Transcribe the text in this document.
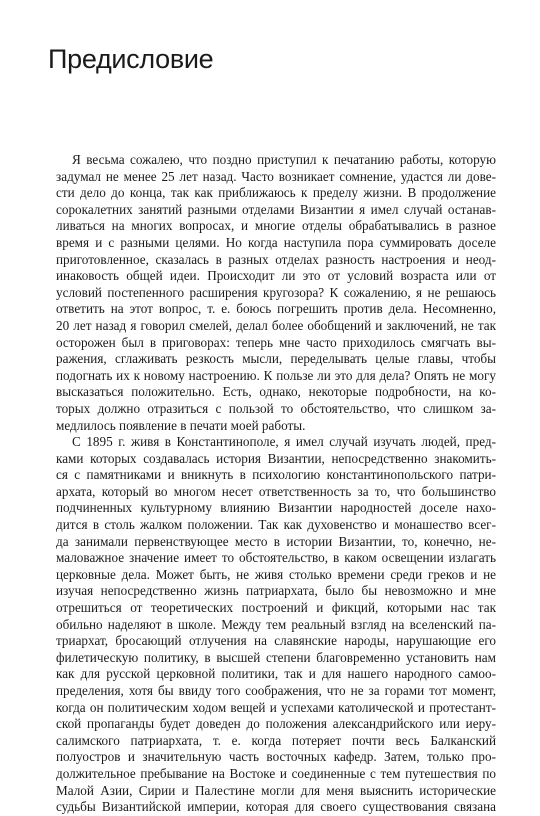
Предисловие
Я весьма сожалею, что поздно приступил к печатанию работы, которую
задумал не менее 25 лет назад. Часто возникает сомнение, удастся ли дове-
сти дело до конца, так как приближаюсь к пределу жизни. В продолжение
сорокалетних занятий разными отделами Византии я имел случай останав-
ливаться на многих вопросах, и многие отделы обрабатывались в разное
время и с разными целями. Но когда наступила пора суммировать доселе
приготовленное, сказалась в разных отделах разность настроения и неод-
инаковость общей идеи. Происходит ли это от условий возраста или от
условий постепенного расширения кругозора? К сожалению, я не решаюсь
ответить на этот вопрос, т. е. боюсь погрешить против дела. Несомненно,
20 лет назад я говорил смелей, делал более обобщений и заключений, не так
осторожен был в приговорах: теперь мне часто приходилось смягчать вы-
ражения, сглаживать резкость мысли, переделывать целые главы, чтобы
подогнать их к новому настроению. К пользе ли это для дела? Опять не могу
высказаться положительно. Есть, однако, некоторые подробности, на ко-
торых должно отразиться с пользой то обстоятельство, что слишком за-
медлилось появление в печати моей работы.
С 1895 г. живя в Константинополе, я имел случай изучать людей, пред-
ками которых создавалась история Византии, непосредственно знакомить-
ся с памятниками и вникнуть в психологию константинопольского патри-
архата, который во многом несет ответственность за то, что большинство
подчиненных культурному влиянию Византии народностей доселе нахо-
дится в столь жалком положении. Так как духовенство и монашество всег-
да занимали первенствующее место в истории Византии, то, конечно, не-
маловажное значение имеет то обстоятельство, в каком освещении излагать
церковные дела. Может быть, не живя столько времени среди греков и не
изучая непосредственно жизнь патриархата, было бы невозможно и мне
отрешиться от теоретических построений и фикций, которыми нас так
обильно наделяют в школе. Между тем реальный взгляд на вселенский па-
триархат, бросающий отлучения на славянские народы, нарушающие его
филетическую политику, в высшей степени благовременно установить нам
как для русской церковной политики, так и для нашего народного самоо-
пределения, хотя бы ввиду того соображения, что не за горами тот момент,
когда он политическим ходом вещей и успехами католической и протестант-
ской пропаганды будет доведен до положения александрийского или иеру-
салимского патриархата, т. е. когда потеряет почти весь Балканский
полуостров и значительную часть восточных кафедр. Затем, только про-
должительное пребывание на Востоке и соединенные с тем путешествия по
Малой Азии, Сирии и Палестине могли для меня выяснить исторические
судьбы Византийской империи, которая для своего существования связана
